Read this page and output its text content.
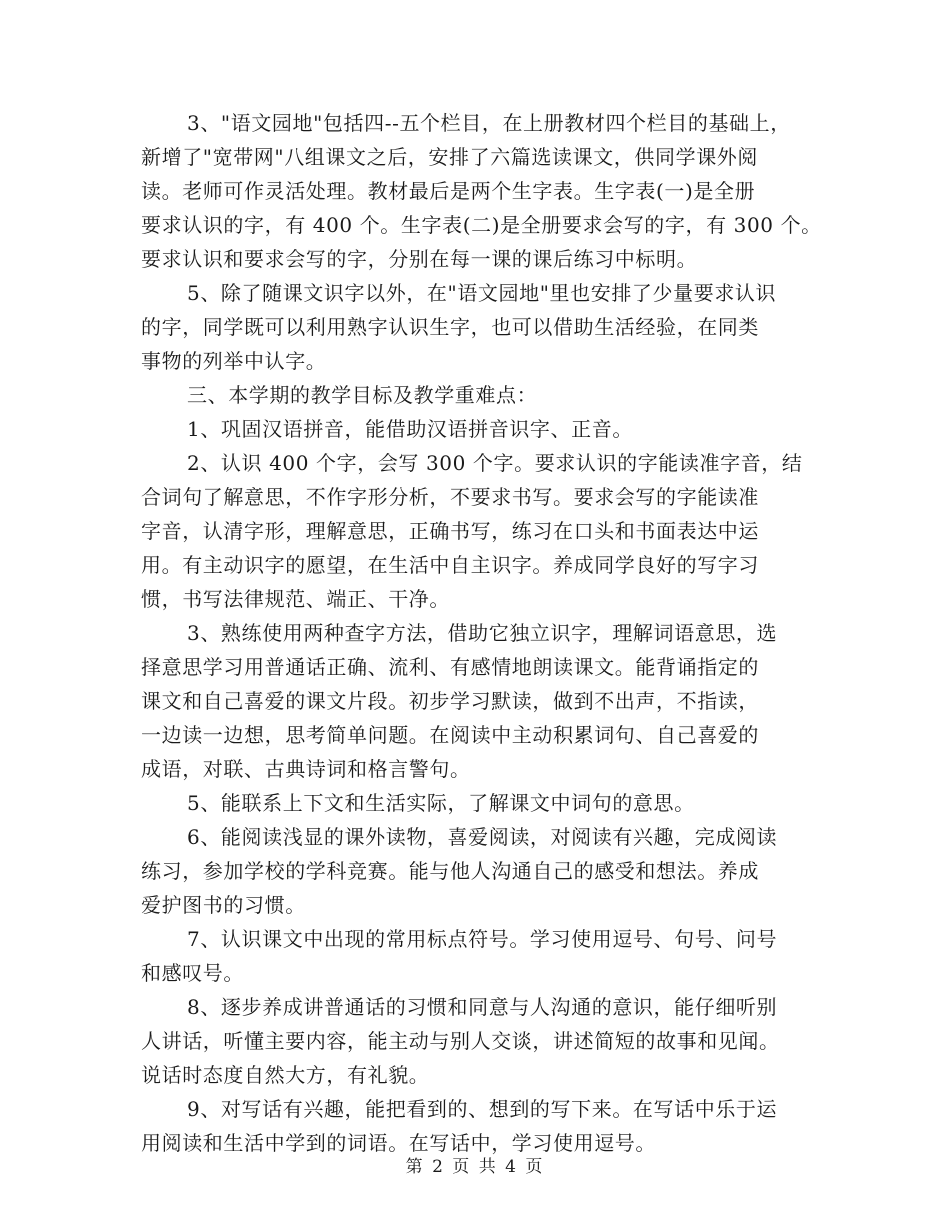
3、"语文园地"包括四--五个栏目，在上册教材四个栏目的基础上，
新增了"宽带网"八组课文之后，安排了六篇选读课文，供同学课外阅
读。老师可作灵活处理。教材最后是两个生字表。生字表(一)是全册
要求认识的字，有 400 个。生字表(二)是全册要求会写的字，有 300 个。
要求认识和要求会写的字，分别在每一课的课后练习中标明。
5、除了随课文识字以外，在"语文园地"里也安排了少量要求认识
的字，同学既可以利用熟字认识生字，也可以借助生活经验，在同类
事物的列举中认字。
三、本学期的教学目标及教学重难点：
1、巩固汉语拼音，能借助汉语拼音识字、正音。
2、认识 400 个字，会写 300 个字。要求认识的字能读准字音，结
合词句了解意思，不作字形分析，不要求书写。要求会写的字能读准
字音，认清字形，理解意思，正确书写，练习在口头和书面表达中运
用。有主动识字的愿望，在生活中自主识字。养成同学良好的写字习
惯，书写法律规范、端正、干净。
3、熟练使用两种查字方法，借助它独立识字，理解词语意思，选
择意思学习用普通话正确、流利、有感情地朗读课文。能背诵指定的
课文和自己喜爱的课文片段。初步学习默读，做到不出声，不指读，
一边读一边想，思考简单问题。在阅读中主动积累词句、自己喜爱的
成语，对联、古典诗词和格言警句。
5、能联系上下文和生活实际，了解课文中词句的意思。
6、能阅读浅显的课外读物，喜爱阅读，对阅读有兴趣，完成阅读
练习，参加学校的学科竞赛。能与他人沟通自己的感受和想法。养成
爱护图书的习惯。
7、认识课文中出现的常用标点符号。学习使用逗号、句号、问号
和感叹号。
8、逐步养成讲普通话的习惯和同意与人沟通的意识，能仔细听别
人讲话，听懂主要内容，能主动与别人交谈，讲述简短的故事和见闻。
说话时态度自然大方，有礼貌。
9、对写话有兴趣，能把看到的、想到的写下来。在写话中乐于运
用阅读和生活中学到的词语。在写话中，学习使用逗号。
第 2 页 共 4 页
